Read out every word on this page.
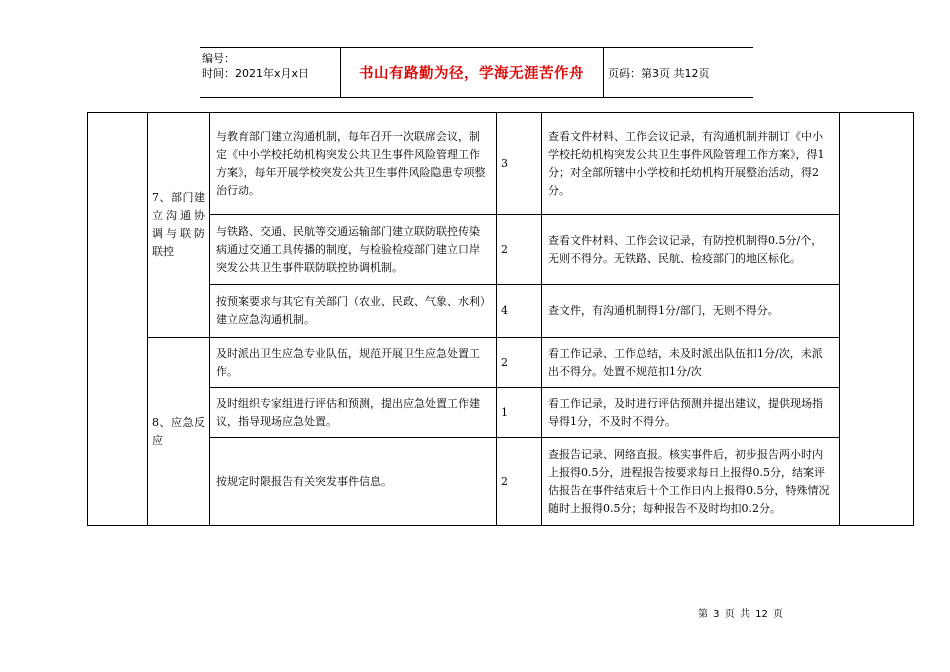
编号：
时间：2021年x月x日	书山有路勤为径，学海无涯苦作舟	页码：第3页 共12页
	7、部门建立沟通协调与联防联控	与教育部门建立沟通机制，每年召开一次联席会议，制定《中小学校托幼机构突发公共卫生事件风险管理工作方案》，每年开展学校突发公共卫生事件风险隐患专项整治行动。	3	查看文件材料、工作会议记录，有沟通机制并制订《中小学校托幼机构突发公共卫生事件风险管理工作方案》，得1分；对全部所辖中小学校和托幼机构开展整治活动，得2分。	
		与铁路、交通、民航等交通运输部门建立联防联控传染病通过交通工具传播的制度，与检验检疫部门建立口岸突发公共卫生事件联防联控协调机制。	2	查看文件材料、工作会议记录，有防控机制得0.5分/个，无则不得分。无铁路、民航、检疫部门的地区标化。	
		按预案要求与其它有关部门（农业、民政、气象、水利）建立应急沟通机制。	4	查文件，有沟通机制得1分/部门，无则不得分。	
	8、应急反应	及时派出卫生应急专业队伍，规范开展卫生应急处置工作。	2	看工作记录、工作总结，未及时派出队伍扣1分/次，未派出不得分。处置不规范扣1分/次	
		及时组织专家组进行评估和预测，提出应急处置工作建议，指导现场应急处置。	1	看工作记录，及时进行评估预测并提出建议，提供现场指导得1分，不及时不得分。	
		按规定时限报告有关突发事件信息。	2	查报告记录、网络直报。核实事件后，初步报告两小时内上报得0.5分，进程报告按要求每日上报得0.5分，结案评估报告在事件结束后十个工作日内上报得0.5分，特殊情况随时上报得0.5分；每种报告不及时均扣0.2分。	
第 3 页 共 12 页
